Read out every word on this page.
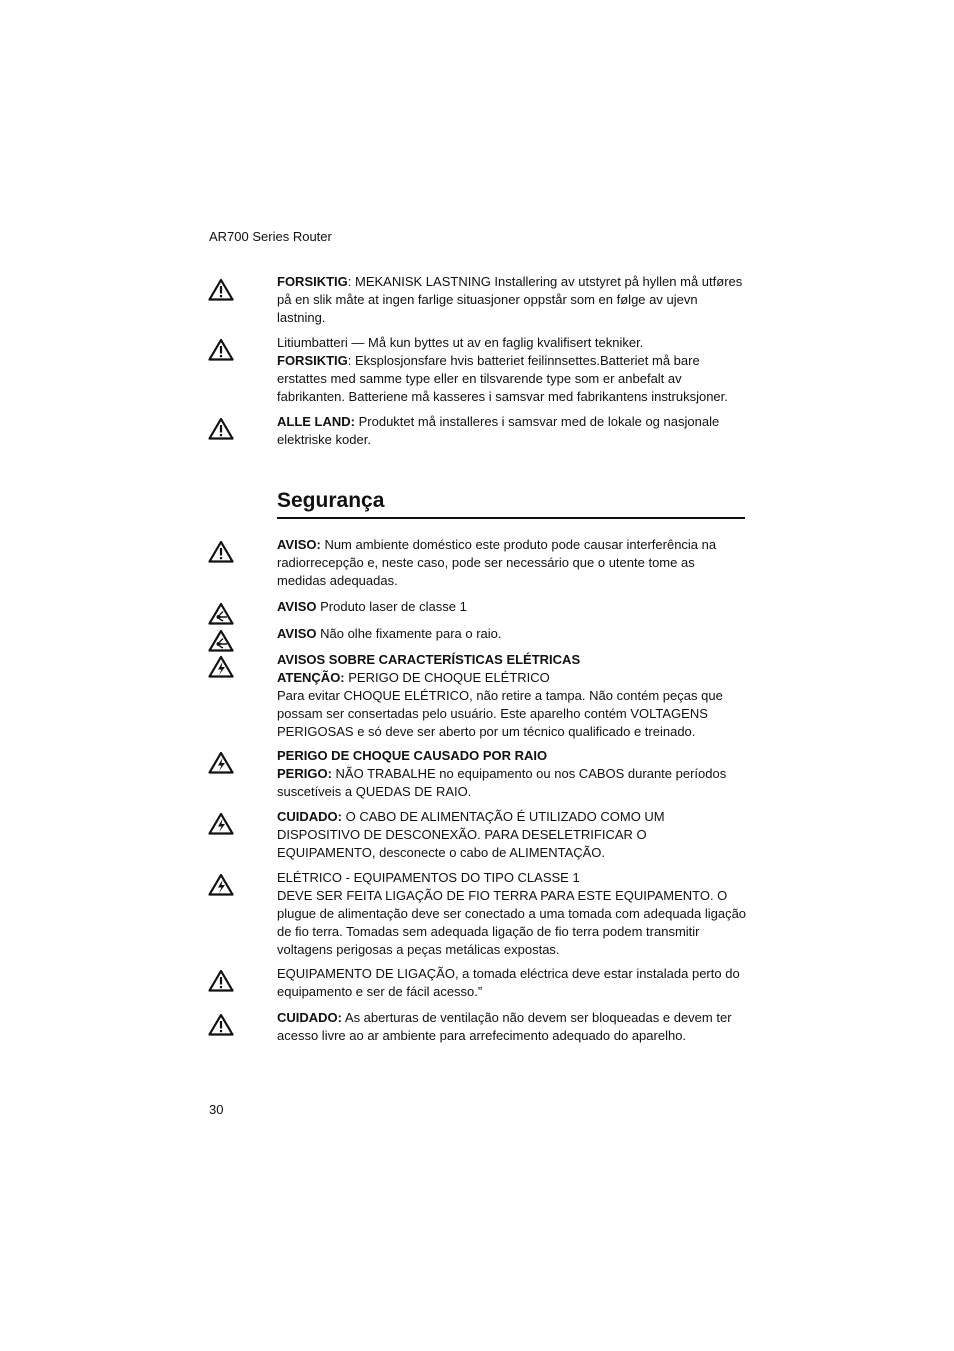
AR700 Series Router

FORSIKTIG: MEKANISK LASTNING Installering av utstyret på hyllen må utføres på en slik måte at ingen farlige situasjoner oppstår som en følge av ujevn lastning.

Litiumbatteri — Må kun byttes ut av en faglig kvalifisert tekniker.

FORSIKTIG: Eksplosjonsfare hvis batteriet feilinnsettes.Batteriet må bare erstattes med samme type eller en tilsvarende type som er anbefalt av fabrikanten. Batteriene må kasseres i samsvar med fabrikantens instruksjoner.

ALLE LAND: Produktet må installeres i samsvar med de lokale og nasjonale elektriske koder.

Segurança

AVISO: Num ambiente doméstico este produto pode causar interferência na radiorrecepção e, neste caso, pode ser necessário que o utente tome as medidas adequadas.

AVISO Produto laser de classe 1

AVISO Não olhe fixamente para o raio.

AVISOS SOBRE CARACTERÍSTICAS ELÉTRICAS

ATENÇÃO: PERIGO DE CHOQUE ELÉTRICO

Para evitar CHOQUE ELÉTRICO, não retire a tampa. Não contém peças que possam ser consertadas pelo usuário. Este aparelho contém VOLTAGENS PERIGOSAS e só deve ser aberto por um técnico qualificado e treinado.

PERIGO DE CHOQUE CAUSADO POR RAIO

PERIGO: NÃO TRABALHE no equipamento ou nos CABOS durante períodos suscetíveis a QUEDAS DE RAIO.

CUIDADO: O CABO DE ALIMENTAÇÃO É UTILIZADO COMO UM DISPOSITIVO DE DESCONEXÃO. PARA DESELETRIFICAR O EQUIPAMENTO, desconecte o cabo de ALIMENTAÇÃO.

ELÉTRICO - EQUIPAMENTOS DO TIPO CLASSE 1

DEVE SER FEITA LIGAÇÃO DE FIO TERRA PARA ESTE EQUIPAMENTO. O plugue de alimentação deve ser conectado a uma tomada com adequada ligação de fio terra. Tomadas sem adequada ligação de fio terra podem transmitir voltagens perigosas a peças metálicas expostas.

EQUIPAMENTO DE LIGAÇÃO, a tomada eléctrica deve estar instalada perto do equipamento e ser de fácil acesso.”

CUIDADO: As aberturas de ventilação não devem ser bloqueadas e devem ter acesso livre ao ar ambiente para arrefecimento adequado do aparelho.

30
